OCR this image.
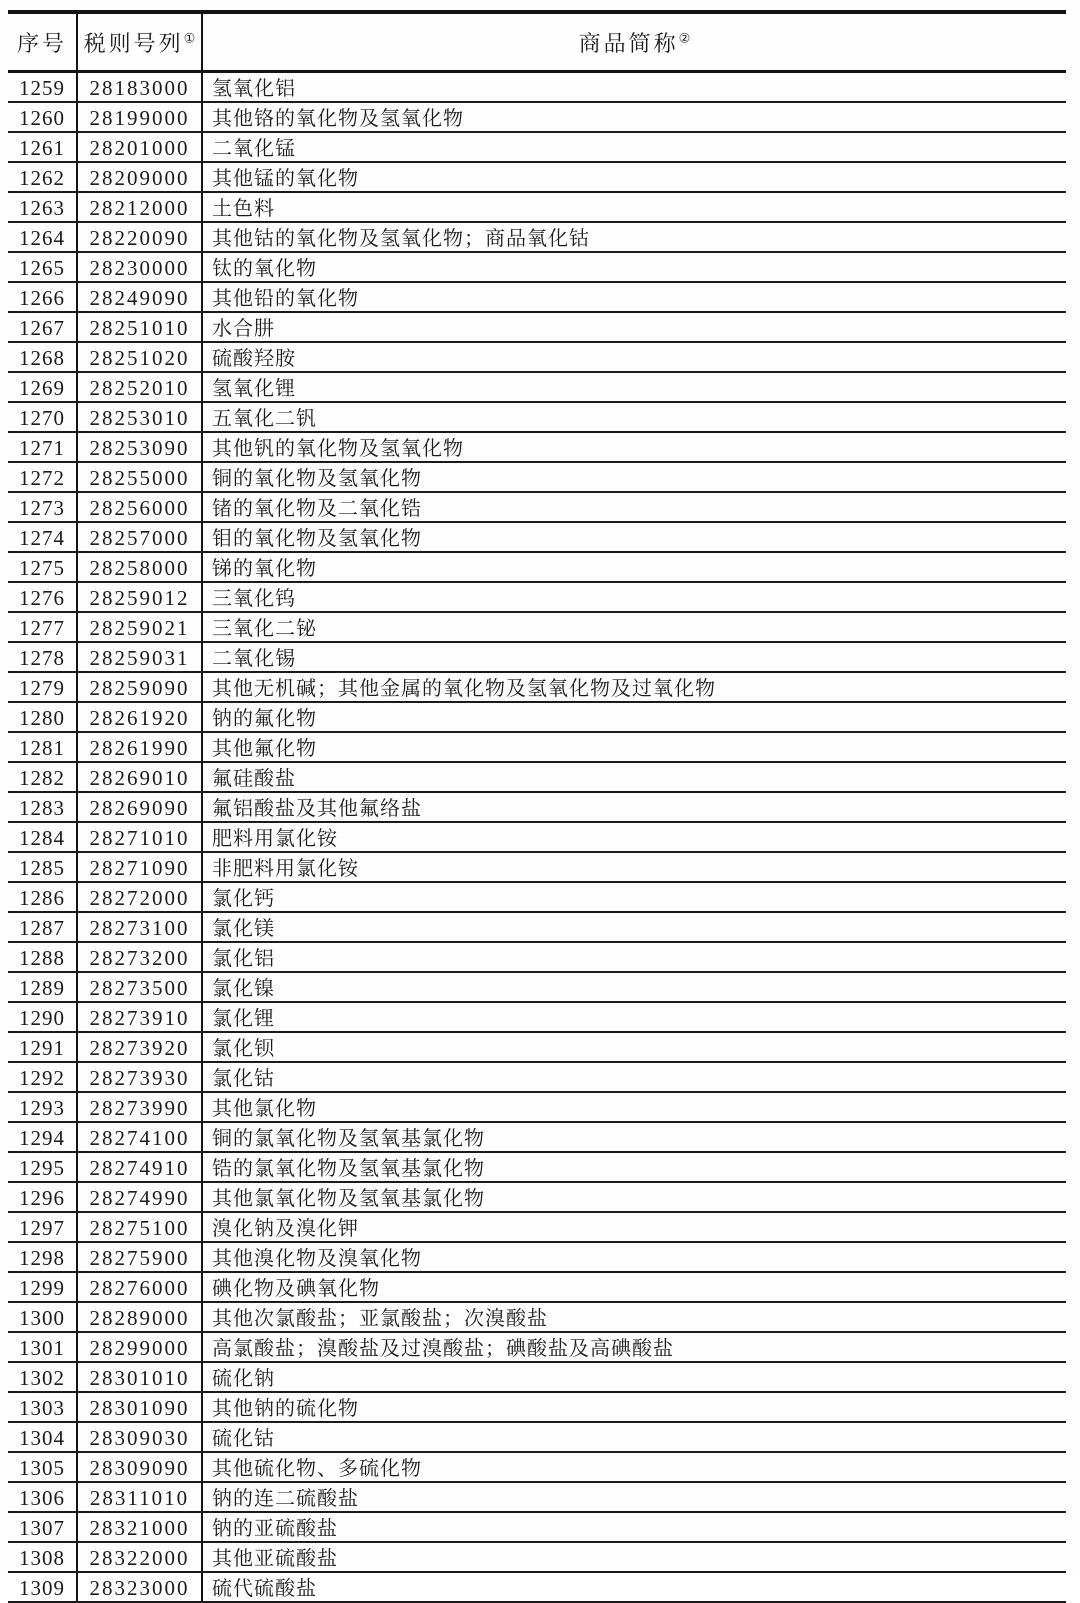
序号	税则号列①	商品简称②
1259	28183000	氢氧化铝
1260	28199000	其他铬的氧化物及氢氧化物
1261	28201000	二氧化锰
1262	28209000	其他锰的氧化物
1263	28212000	土色料
1264	28220090	其他钴的氧化物及氢氧化物；商品氧化钴
1265	28230000	钛的氧化物
1266	28249090	其他铅的氧化物
1267	28251010	水合肼
1268	28251020	硫酸羟胺
1269	28252010	氢氧化锂
1270	28253010	五氧化二钒
1271	28253090	其他钒的氧化物及氢氧化物
1272	28255000	铜的氧化物及氢氧化物
1273	28256000	锗的氧化物及二氧化锆
1274	28257000	钼的氧化物及氢氧化物
1275	28258000	锑的氧化物
1276	28259012	三氧化钨
1277	28259021	三氧化二铋
1278	28259031	二氧化锡
1279	28259090	其他无机碱；其他金属的氧化物及氢氧化物及过氧化物
1280	28261920	钠的氟化物
1281	28261990	其他氟化物
1282	28269010	氟硅酸盐
1283	28269090	氟铝酸盐及其他氟络盐
1284	28271010	肥料用氯化铵
1285	28271090	非肥料用氯化铵
1286	28272000	氯化钙
1287	28273100	氯化镁
1288	28273200	氯化铝
1289	28273500	氯化镍
1290	28273910	氯化锂
1291	28273920	氯化钡
1292	28273930	氯化钴
1293	28273990	其他氯化物
1294	28274100	铜的氯氧化物及氢氧基氯化物
1295	28274910	锆的氯氧化物及氢氧基氯化物
1296	28274990	其他氯氧化物及氢氧基氯化物
1297	28275100	溴化钠及溴化钾
1298	28275900	其他溴化物及溴氧化物
1299	28276000	碘化物及碘氧化物
1300	28289000	其他次氯酸盐；亚氯酸盐；次溴酸盐
1301	28299000	高氯酸盐；溴酸盐及过溴酸盐；碘酸盐及高碘酸盐
1302	28301010	硫化钠
1303	28301090	其他钠的硫化物
1304	28309030	硫化钴
1305	28309090	其他硫化物、多硫化物
1306	28311010	钠的连二硫酸盐
1307	28321000	钠的亚硫酸盐
1308	28322000	其他亚硫酸盐
1309	28323000	硫代硫酸盐
